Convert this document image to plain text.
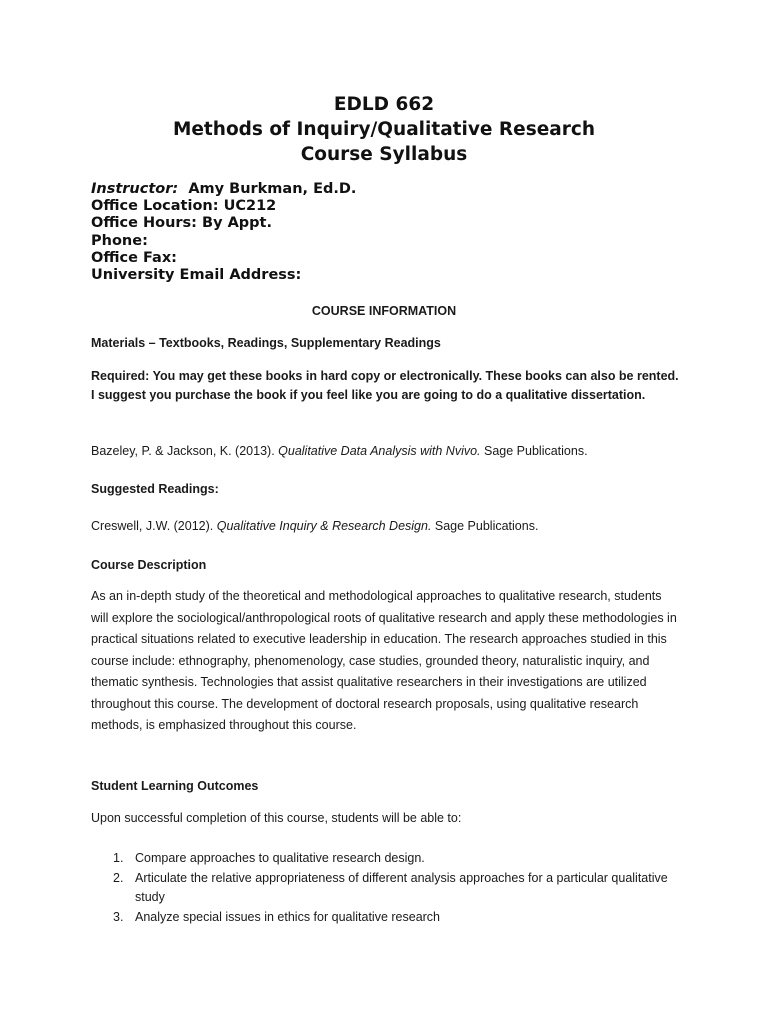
EDLD 662
Methods of Inquiry/Qualitative Research
Course Syllabus
Instructor: Amy Burkman, Ed.D.
Office Location: UC212
Office Hours: By Appt.
Phone:
Office Fax:
University Email Address:
COURSE INFORMATION
Materials – Textbooks, Readings, Supplementary Readings
Required: You may get these books in hard copy or electronically. These books can also be rented. I suggest you purchase the book if you feel like you are going to do a qualitative dissertation.
Bazeley, P. & Jackson, K. (2013). Qualitative Data Analysis with Nvivo. Sage Publications.
Suggested Readings:
Creswell, J.W. (2012). Qualitative Inquiry & Research Design. Sage Publications.
Course Description
As an in-depth study of the theoretical and methodological approaches to qualitative research, students will explore the sociological/anthropological roots of qualitative research and apply these methodologies in practical situations related to executive leadership in education. The research approaches studied in this course include: ethnography, phenomenology, case studies, grounded theory, naturalistic inquiry, and thematic synthesis. Technologies that assist qualitative researchers in their investigations are utilized throughout this course. The development of doctoral research proposals, using qualitative research methods, is emphasized throughout this course.
Student Learning Outcomes
Upon successful completion of this course, students will be able to:
1. Compare approaches to qualitative research design.
2. Articulate the relative appropriateness of different analysis approaches for a particular qualitative study
3. Analyze special issues in ethics for qualitative research
